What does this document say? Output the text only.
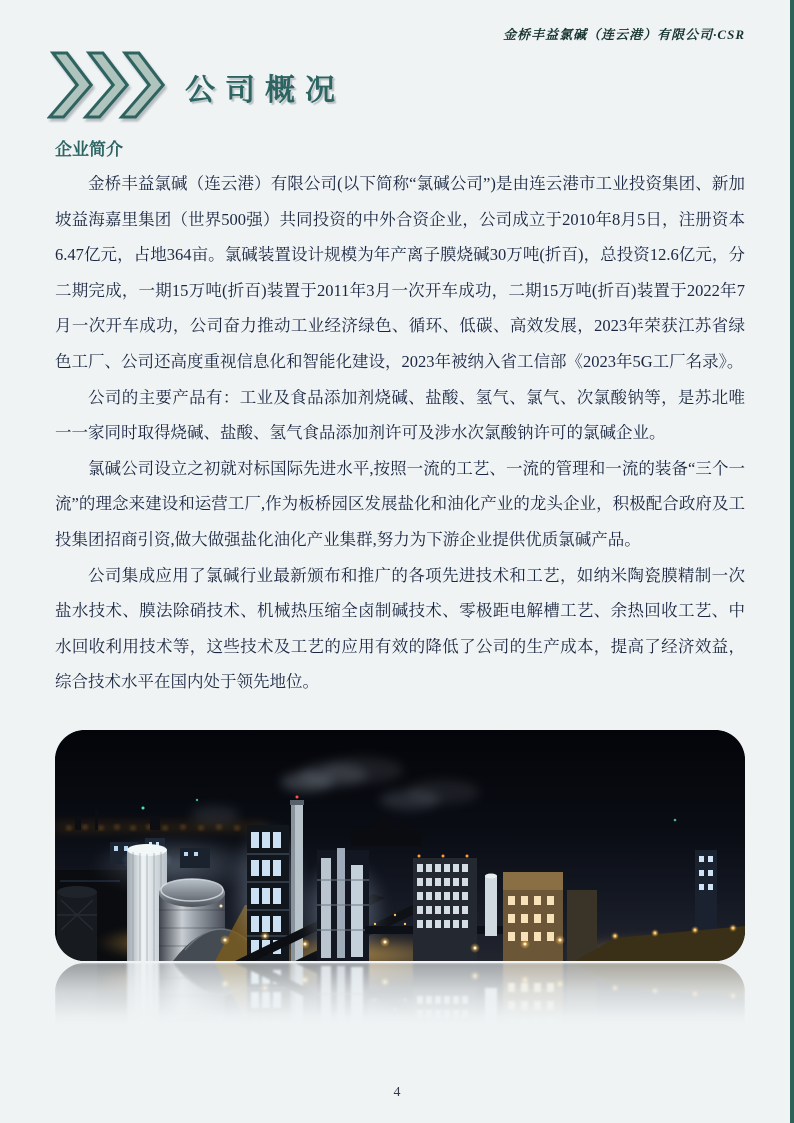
金桥丰益氯碱（连云港）有限公司·CSR
公司概况
企业简介

金桥丰益氯碱（连云港）有限公司(以下简称“氯碱公司”)是由连云港市工业投资集团、新加坡益海嘉里集团（世界500强）共同投资的中外合资企业，公司成立于2010年8月5日，注册资本6.47亿元，占地364亩。氯碱装置设计规模为年产离子膜烧碱30万吨(折百)，总投资12.6亿元，分二期完成，一期15万吨(折百)装置于2011年3月一次开车成功，二期15万吨(折百)装置于2022年7月一次开车成功，公司奋力推动工业经济绿色、循环、低碳、高效发展，2023年荣获江苏省绿色工厂、公司还高度重视信息化和智能化建设，2023年被纳入省工信部《2023年5G工厂名录》。

公司的主要产品有：工业及食品添加剂烧碱、盐酸、氢气、氯气、次氯酸钠等，是苏北唯一一家同时取得烧碱、盐酸、氢气食品添加剂许可及涉水次氯酸钠许可的氯碱企业。

氯碱公司设立之初就对标国际先进水平,按照一流的工艺、一流的管理和一流的装备“三个一流”的理念来建设和运营工厂,作为板桥园区发展盐化和油化产业的龙头企业，积极配合政府及工投集团招商引资,做大做强盐化油化产业集群,努力为下游企业提供优质氯碱产品。

公司集成应用了氯碱行业最新颁布和推广的各项先进技术和工艺，如纳米陶瓷膜精制一次盐水技术、膜法除硝技术、机械热压缩全卤制碱技术、零极距电解槽工艺、余热回收工艺、中水回收利用技术等，这些技术及工艺的应用有效的降低了公司的生产成本，提高了经济效益，综合技术水平在国内处于领先地位。

4
